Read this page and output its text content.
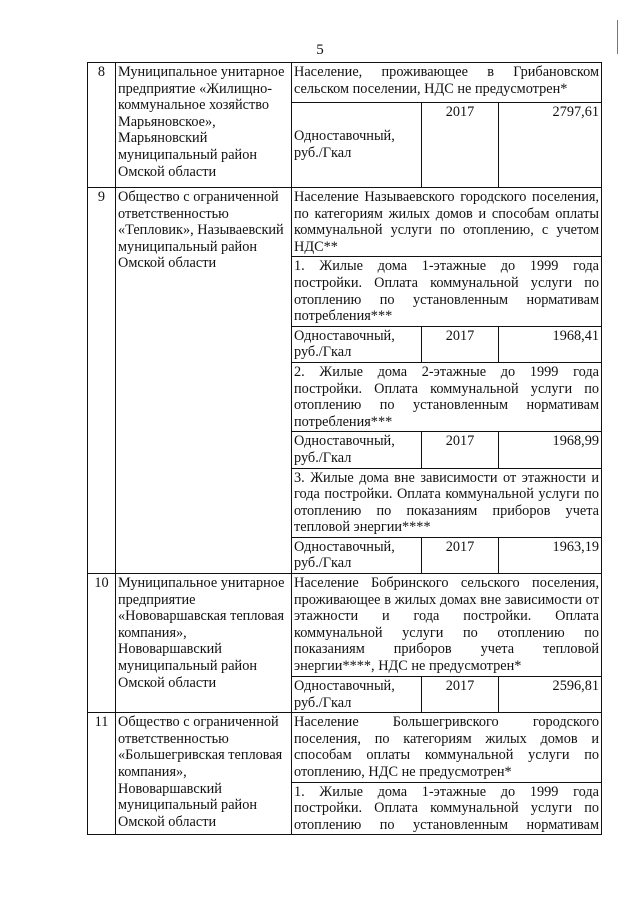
5
8	Муниципальное унитарное предприятие «Жилищно-коммунальное хозяйство Марьяновское», Марьяновский муниципальный район Омской области	Население, проживающее в Грибановском сельском поселении, НДС не предусмотрен*		
		Одноставочный, руб./Гкал	2017	2797,61
9	Общество с ограниченной ответственностью «Тепловик», Называевский муниципальный район Омской области	Население Называевского городского поселения, по категориям жилых домов и способам оплаты коммунальной услуги по отоплению, с учетом НДС**		
		1. Жилые дома 1-этажные до 1999 года постройки. Оплата коммунальной услуги по отоплению по установленным нормативам потребления***		
		Одноставочный, руб./Гкал	2017	1968,41
		2. Жилые дома 2-этажные до 1999 года постройки. Оплата коммунальной услуги по отоплению по установленным нормативам потребления***		
		Одноставочный, руб./Гкал	2017	1968,99
		3. Жилые дома вне зависимости от этажности и года постройки. Оплата коммунальной услуги по отоплению по показаниям приборов учета тепловой энергии****		
		Одноставочный, руб./Гкал	2017	1963,19
10	Муниципальное унитарное предприятие «Нововаршавская тепловая компания», Нововаршавский муниципальный район Омской области	Население Бобринского сельского поселения, проживающее в жилых домах вне зависимости от этажности и года постройки. Оплата коммунальной услуги по отоплению по показаниям приборов учета тепловой энергии****, НДС не предусмотрен*		
		Одноставочный, руб./Гкал	2017	2596,81
11	Общество с ограниченной ответственностью «Большегривская тепловая компания», Нововаршавский муниципальный район Омской области	Население Большегривского городского поселения, по категориям жилых домов и способам оплаты коммунальной услуги по отоплению, НДС не предусмотрен*		
		1. Жилые дома 1-этажные до 1999 года постройки. Оплата коммунальной услуги по отоплению по установленным нормативам		
